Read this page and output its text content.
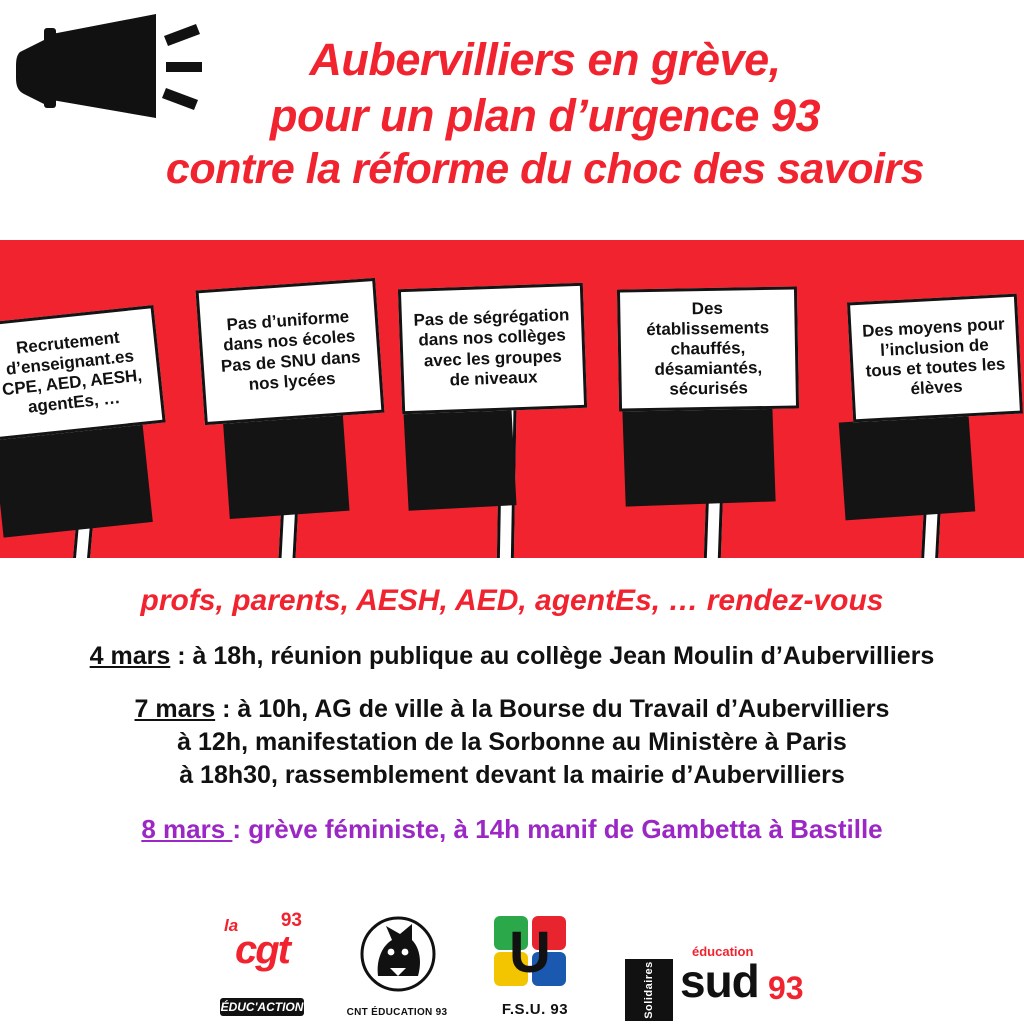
Aubervilliers en grève,
pour un plan d’urgence 93
contre la réforme du choc des savoirs
Recrutement d’enseignant.es CPE, AED, AESH, agentEs, …
Pas d’uniforme dans nos écoles Pas de SNU dans nos lycées
Pas de ségrégation dans nos collèges avec les groupes de niveaux
Des établissements chauffés, désamiantés, sécurisés
Des moyens pour l’inclusion de tous et toutes les élèves
profs, parents, AESH, AED, agentEs, … rendez-vous
4 mars : à 18h, réunion publique au collège Jean Moulin d’Aubervilliers
7 mars : à 10h, AG de ville à la Bourse du Travail d’Aubervilliers
à 12h, manifestation de la Sorbonne au Ministère à Paris
à 18h30, rassemblement devant la mairie d’Aubervilliers
8 mars : grève féministe, à 14h manif de Gambetta à Bastille
la 93
cgt
ÉDUC'ACTION	CNT ÉDUCATION 93
U
F.S.U. 93	Solidaires
éducation
sud 93
